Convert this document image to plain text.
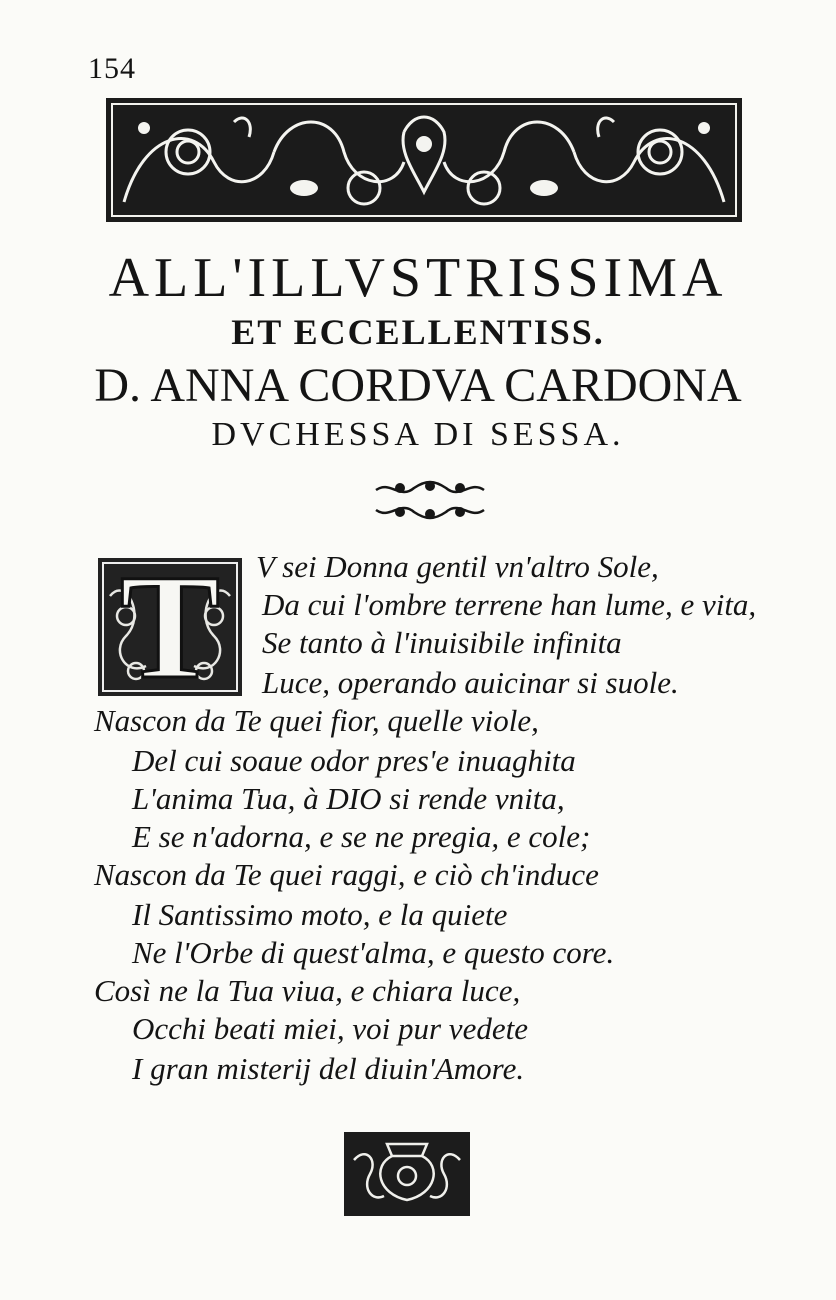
154
ALL'ILLVSTRISSIMA
ET ECCELLENTISS.
D. ANNA CORDVA CARDONA
DVCHESSA DI SESSA.
T	V sei Donna gentil vn'altro Sole,
Da cui l'ombre terrene han lume, e vita,
Se tanto à l'inuisibile infinita
Luce, operando auicinar si suole.
Nascon da Te quei fior, quelle viole,
Del cui soaue odor pres'e inuaghita
L'anima Tua, à DIO si rende vnita,
E se n'adorna, e se ne pregia, e cole;
Nascon da Te quei raggi, e ciò ch'induce
Il Santissimo moto, e la quiete
Ne l'Orbe di quest'alma, e questo core.
Così ne la Tua viua, e chiara luce,
Occhi beati miei, voi pur vedete
I gran misterij del diuin'Amore.
